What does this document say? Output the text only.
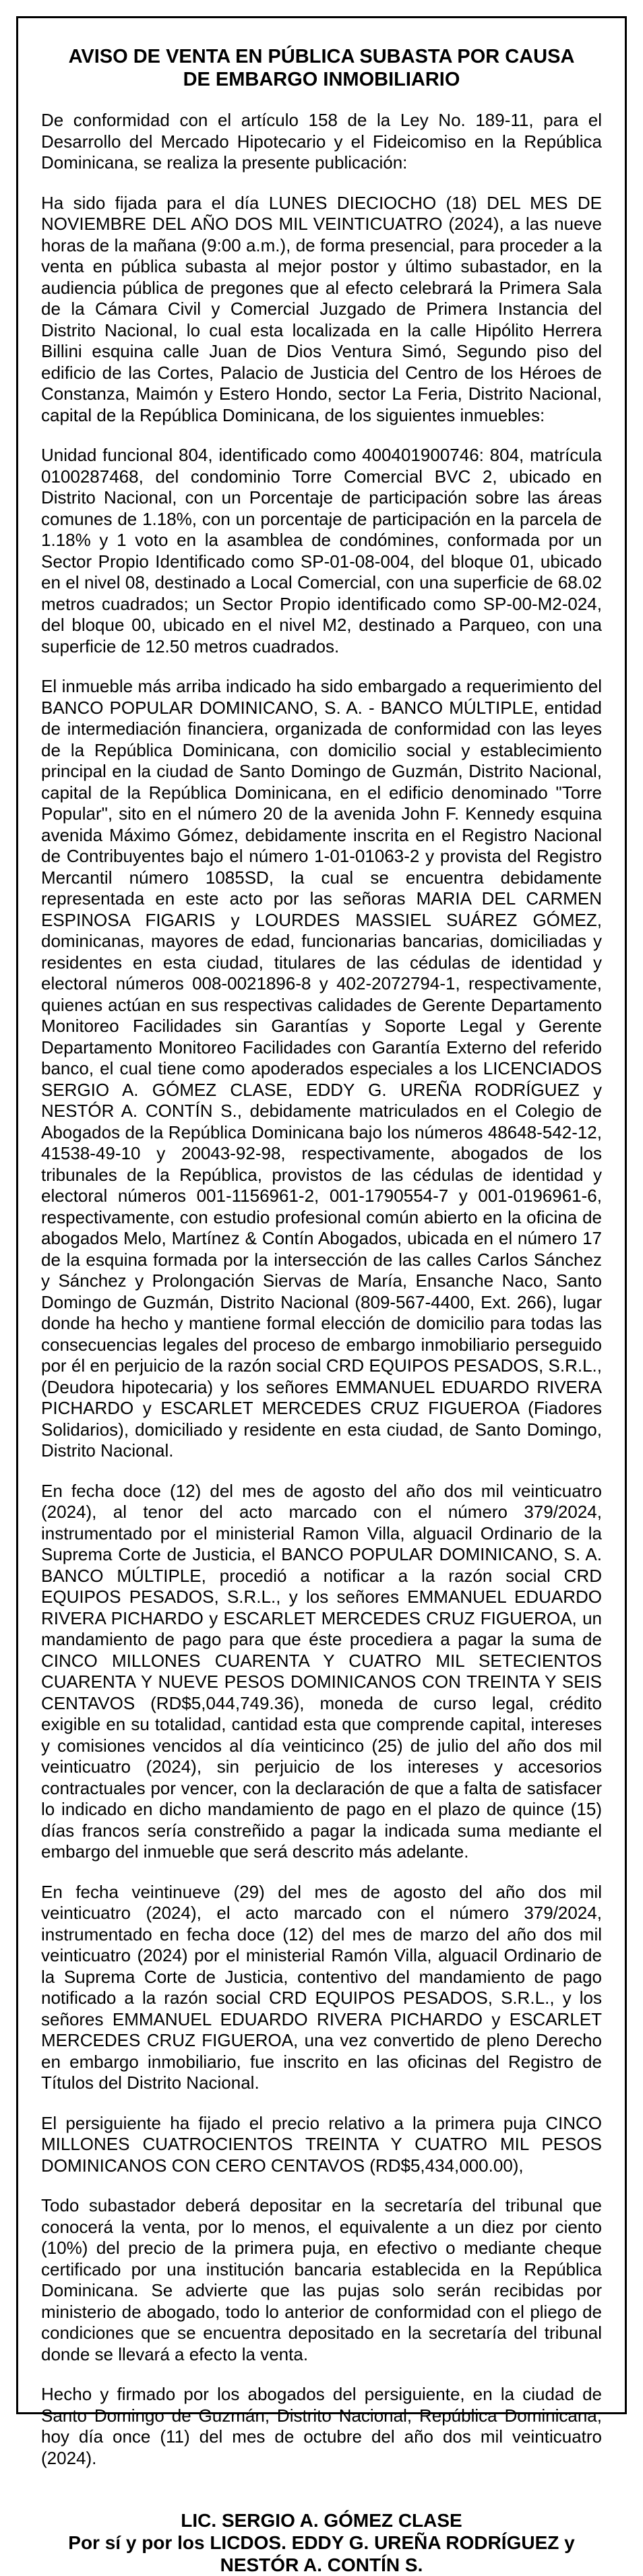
AVISO DE VENTA EN PÚBLICA SUBASTA POR CAUSA
DE EMBARGO INMOBILIARIO

De conformidad con el artículo 158 de la Ley No. 189-11, para el Desarrollo del Mercado Hipotecario y el Fideicomiso en la República Dominicana, se realiza la presente publicación:

Ha sido fijada para el día LUNES DIECIOCHO (18) DEL MES DE NOVIEMBRE DEL AÑO DOS MIL VEINTICUATRO (2024), a las nueve horas de la mañana (9:00 a.m.), de forma presencial, para proceder a la venta en pública subasta al mejor postor y último subastador, en la audiencia pública de pregones que al efecto celebrará la Primera Sala de la Cámara Civil y Comercial Juzgado de Primera Instancia del Distrito Nacional, lo cual esta localizada en la calle Hipólito Herrera Billini esquina calle Juan de Dios Ventura Simó, Segundo piso del edificio de las Cortes, Palacio de Justicia del Centro de los Héroes de Constanza, Maimón y Estero Hondo, sector La Feria, Distrito Nacional, capital de la República Dominicana, de los siguientes inmuebles:

Unidad funcional 804, identificado como 400401900746: 804, matrícula 0100287468, del condominio Torre Comercial BVC 2, ubicado en Distrito Nacional, con un Porcentaje de participación sobre las áreas comunes de 1.18%, con un porcentaje de participación en la parcela de 1.18% y 1 voto en la asamblea de condómines, conformada por un Sector Propio Identificado como SP-01-08-004, del bloque 01, ubicado en el nivel 08, destinado a Local Comercial, con una superficie de 68.02 metros cuadrados; un Sector Propio identificado como SP-00-M2-024, del bloque 00, ubicado en el nivel M2, destinado a Parqueo, con una superficie de 12.50 metros cuadrados.

El inmueble más arriba indicado ha sido embargado a requerimiento del BANCO POPULAR DOMINICANO, S. A. - BANCO MÚLTIPLE, entidad de intermediación financiera, organizada de conformidad con las leyes de la República Dominicana, con domicilio social y establecimiento principal en la ciudad de Santo Domingo de Guzmán, Distrito Nacional, capital de la República Dominicana, en el edificio denominado "Torre Popular", sito en el número 20 de la avenida John F. Kennedy esquina avenida Máximo Gómez, debidamente inscrita en el Registro Nacional de Contribuyentes bajo el número 1-01-01063-2 y provista del Registro Mercantil número 1085SD, la cual se encuentra debidamente representada en este acto por las señoras MARIA DEL CARMEN ESPINOSA FIGARIS y LOURDES MASSIEL SUÁREZ GÓMEZ, dominicanas, mayores de edad, funcionarias bancarias, domiciliadas y residentes en esta ciudad, titulares de las cédulas de identidad y electoral números 008-0021896-8 y 402-2072794-1, respectivamente, quienes actúan en sus respectivas calidades de Gerente Departamento Monitoreo Facilidades sin Garantías y Soporte Legal y Gerente Departamento Monitoreo Facilidades con Garantía Externo del referido banco, el cual tiene como apoderados especiales a los LICENCIADOS SERGIO A. GÓMEZ CLASE, EDDY G. UREÑA RODRÍGUEZ y NESTÓR A. CONTÍN S., debidamente matriculados en el Colegio de Abogados de la República Dominicana bajo los números 48648-542-12, 41538-49-10 y 20043-92-98, respectivamente, abogados de los tribunales de la República, provistos de las cédulas de identidad y electoral números 001-1156961-2, 001-1790554-7 y 001-0196961-6, respectivamente, con estudio profesional común abierto en la oficina de abogados Melo, Martínez & Contín Abogados, ubicada en el número 17 de la esquina formada por la intersección de las calles Carlos Sánchez y Sánchez y Prolongación Siervas de María, Ensanche Naco, Santo Domingo de Guzmán, Distrito Nacional (809-567-4400, Ext. 266), lugar donde ha hecho y mantiene formal elección de domicilio para todas las consecuencias legales del proceso de embargo inmobiliario perseguido por él en perjuicio de la razón social CRD EQUIPOS PESADOS, S.R.L., (Deudora hipotecaria) y los señores EMMANUEL EDUARDO RIVERA PICHARDO y ESCARLET MERCEDES CRUZ FIGUEROA (Fiadores Solidarios), domiciliado y residente en esta ciudad, de Santo Domingo, Distrito Nacional.

En fecha doce (12) del mes de agosto del año dos mil veinticuatro (2024), al tenor del acto marcado con el número 379/2024, instrumentado por el ministerial Ramon Villa, alguacil Ordinario de la Suprema Corte de Justicia, el BANCO POPULAR DOMINICANO, S. A. BANCO MÚLTIPLE, procedió a notificar a la razón social CRD EQUIPOS PESADOS, S.R.L., y los señores EMMANUEL EDUARDO RIVERA PICHARDO y ESCARLET MERCEDES CRUZ FIGUEROA, un mandamiento de pago para que éste procediera a pagar la suma de CINCO MILLONES CUARENTA Y CUATRO MIL SETECIENTOS CUARENTA Y NUEVE PESOS DOMINICANOS CON TREINTA Y SEIS CENTAVOS (RD$5,044,749.36), moneda de curso legal, crédito exigible en su totalidad, cantidad esta que comprende capital, intereses y comisiones vencidos al día veinticinco (25) de julio del año dos mil veinticuatro (2024), sin perjuicio de los intereses y accesorios contractuales por vencer, con la declaración de que a falta de satisfacer lo indicado en dicho mandamiento de pago en el plazo de quince (15) días francos sería constreñido a pagar la indicada suma mediante el embargo del inmueble que será descrito más adelante.

En fecha veintinueve (29) del mes de agosto del año dos mil veinticuatro (2024), el acto marcado con el número 379/2024, instrumentado en fecha doce (12) del mes de marzo del año dos mil veinticuatro (2024) por el ministerial Ramón Villa, alguacil Ordinario de la Suprema Corte de Justicia, contentivo del mandamiento de pago notificado a la razón social CRD EQUIPOS PESADOS, S.R.L., y los señores EMMANUEL EDUARDO RIVERA PICHARDO y ESCARLET MERCEDES CRUZ FIGUEROA, una vez convertido de pleno Derecho en embargo inmobiliario, fue inscrito en las oficinas del Registro de Títulos del Distrito Nacional.

El persiguiente ha fijado el precio relativo a la primera puja CINCO MILLONES CUATROCIENTOS TREINTA Y CUATRO MIL PESOS DOMINICANOS CON CERO CENTAVOS (RD$5,434,000.00),

Todo subastador deberá depositar en la secretaría del tribunal que conocerá la venta, por lo menos, el equivalente a un diez por ciento (10%) del precio de la primera puja, en efectivo o mediante cheque certificado por una institución bancaria establecida en la República Dominicana. Se advierte que las pujas solo serán recibidas por ministerio de abogado, todo lo anterior de conformidad con el pliego de condiciones que se encuentra depositado en la secretaría del tribunal donde se llevará a efecto la venta.

Hecho y firmado por los abogados del persiguiente, en la ciudad de Santo Domingo de Guzmán, Distrito Nacional, República Dominicana, hoy día once (11) del mes de octubre del año dos mil veinticuatro (2024).

LIC. SERGIO A. GÓMEZ CLASE
Por sí y por los LICDOS. EDDY G. UREÑA RODRÍGUEZ y
NESTÓR A. CONTÍN S.
